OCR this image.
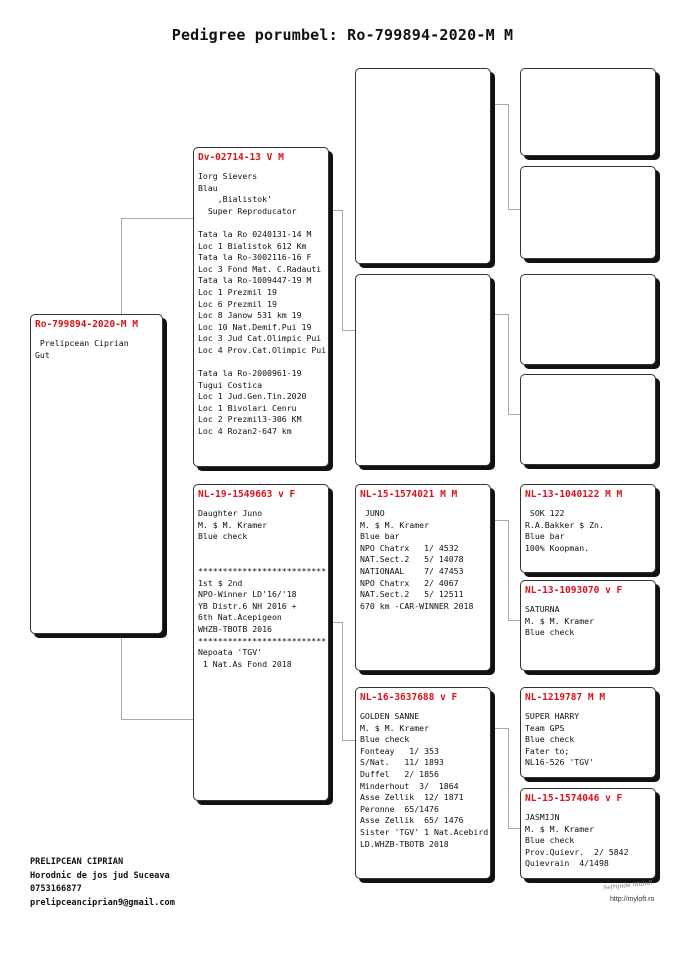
Pedigree porumbel: Ro-799894-2020-M M
Ro-799894-2020-M M
Prelipcean Ciprian
Gut
Dv-02714-13 V M
Iorg Sievers
Blau
,Bialistok'
Super Reproducator

Tata la Ro 0240131-14 M
Loc 1 Bialistok 612 Km
Tata la Ro-3002116-16 F
Loc 3 Fond Mat. C.Radauti
Tata la Ro-1009447-19 M
Loc 1 Prezmil 19
Loc 6 Prezmil 19
Loc 8 Janow 531 km 19
Loc 10 Nat.Demif.Pui 19
Loc 3 Jud Cat.Olimpic Pui
Loc 4 Prov.Cat.Olimpic Pui

Tata la Ro-2000961-19
Tugui Costica
Loc 1 Jud.Gen.Tin.2020
Loc 1 Bivolari Cenru
Loc 2 Prezmil3-306 KM
Loc 4 Rozan2-647 km
NL-19-1549663 v F
Daughter Juno
M. $ M. Kramer
Blue check

**************************
1st $ 2nd
NPO-Winner LD'16/'18
YB Distr.6 NH 2016 +
6th Nat.Acepigeon
WHZB-TBOTB 2016
**************************
Nepoata 'TGV'
1 Nat.As Fond 2018
NL-15-1574021 M M
JUNO
M. $ M. Kramer
Blue bar
NPO Chatrx   1/ 4532
NAT.Sect.2   5/ 14078
NATIONAAL    7/ 47453
NPO Chatrx   2/ 4067
NAT.Sect.2   5/ 12511
670 km -CAR-WINNER 2018
NL-16-3637688 v F
GOLDEN SANNE
M. $ M. Kramer
Blue check
Fonteay   1/ 353
S/Nat.   11/ 1893
Duffel   2/ 1856
Minderhout  3/  1864
Asse Zellik  12/ 1871
Peronne  65/1476
Asse Zellik  65/ 1476
Sister 'TGV' 1 Nat.Acebird
LD.WHZB-TBOTB 2018
NL-13-1040122 M M
SOK 122
R.A.Bakker $ Zn.
Blue bar
100% Koopman.
NL-13-1093070 v F
SATURNA
M. $ M. Kramer
Blue check
NL-1219787 M M
SUPER HARRY
Team GPS
Blue check
Fater to;
NL16-526 'TGV'
NL-15-1574046 v F
JASMIJN
M. $ M. Kramer
Blue check
Prov.Quievr.  2/ 5842
Quievrain  4/1498
PRELIPCEAN CIPRIAN
Horodnic de jos jud Suceava
0753166877
prelipceanciprian9@gmail.com
Sefrijnde MuloR
http://myloft.ro
